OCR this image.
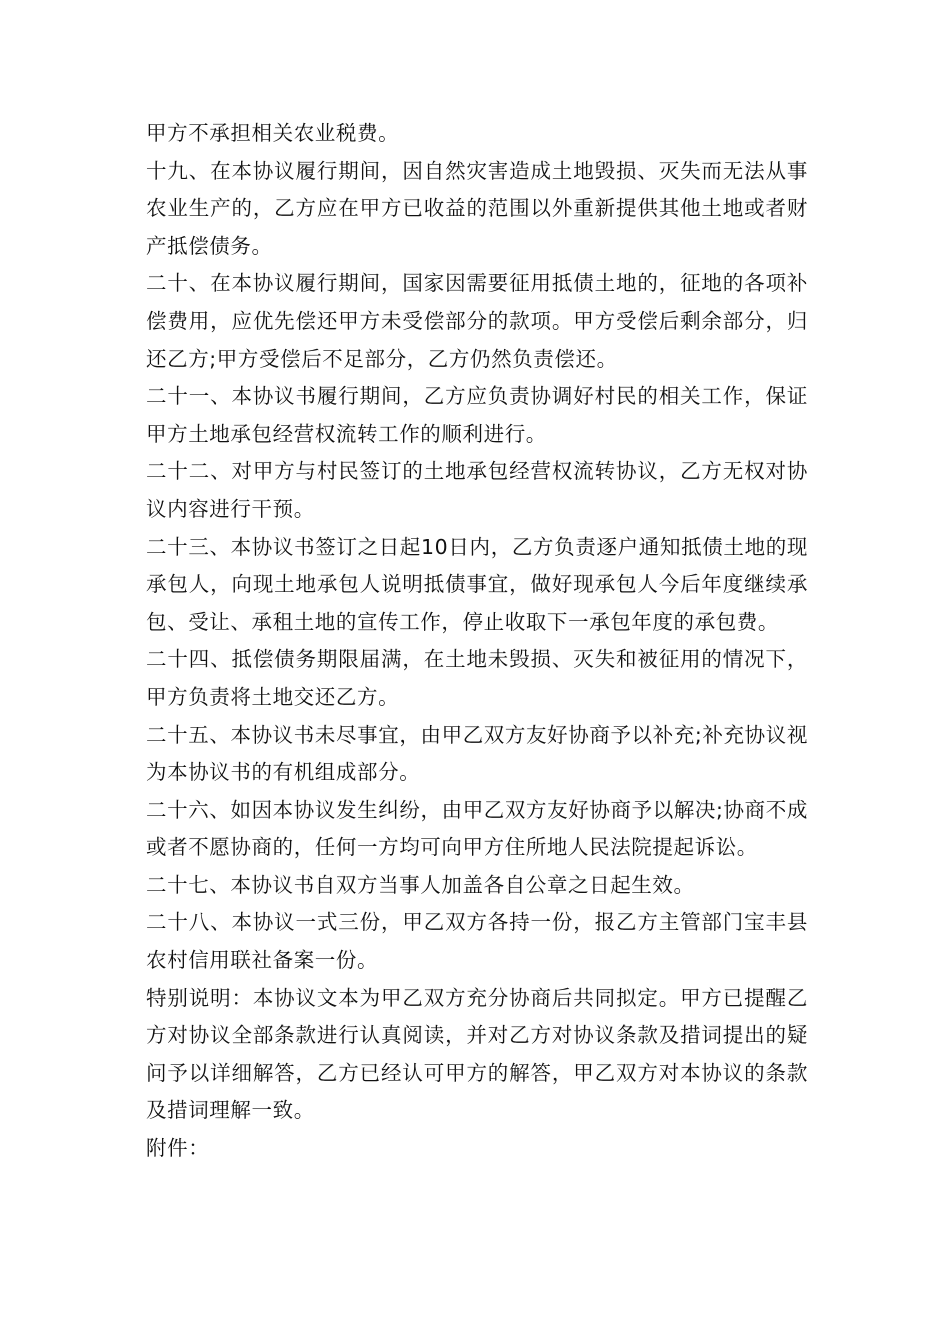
甲方不承担相关农业税费。

十九、在本协议履行期间，因自然灾害造成土地毁损、灭失而无法从事农业生产的，乙方应在甲方已收益的范围以外重新提供其他土地或者财产抵偿债务。

二十、在本协议履行期间，国家因需要征用抵债土地的，征地的各项补偿费用，应优先偿还甲方未受偿部分的款项。甲方受偿后剩余部分，归还乙方;甲方受偿后不足部分，乙方仍然负责偿还。

二十一、本协议书履行期间，乙方应负责协调好村民的相关工作，保证甲方土地承包经营权流转工作的顺利进行。

二十二、对甲方与村民签订的土地承包经营权流转协议，乙方无权对协议内容进行干预。

二十三、本协议书签订之日起10日内，乙方负责逐户通知抵债土地的现承包人，向现土地承包人说明抵债事宜，做好现承包人今后年度继续承包、受让、承租土地的宣传工作，停止收取下一承包年度的承包费。

二十四、抵偿债务期限届满，在土地未毁损、灭失和被征用的情况下，甲方负责将土地交还乙方。

二十五、本协议书未尽事宜，由甲乙双方友好协商予以补充;补充协议视为本协议书的有机组成部分。

二十六、如因本协议发生纠纷，由甲乙双方友好协商予以解决;协商不成或者不愿协商的，任何一方均可向甲方住所地人民法院提起诉讼。

二十七、本协议书自双方当事人加盖各自公章之日起生效。

二十八、本协议一式三份，甲乙双方各持一份，报乙方主管部门宝丰县农村信用联社备案一份。

特别说明：本协议文本为甲乙双方充分协商后共同拟定。甲方已提醒乙方对协议全部条款进行认真阅读，并对乙方对协议条款及措词提出的疑问予以详细解答，乙方已经认可甲方的解答，甲乙双方对本协议的条款及措词理解一致。

附件：
